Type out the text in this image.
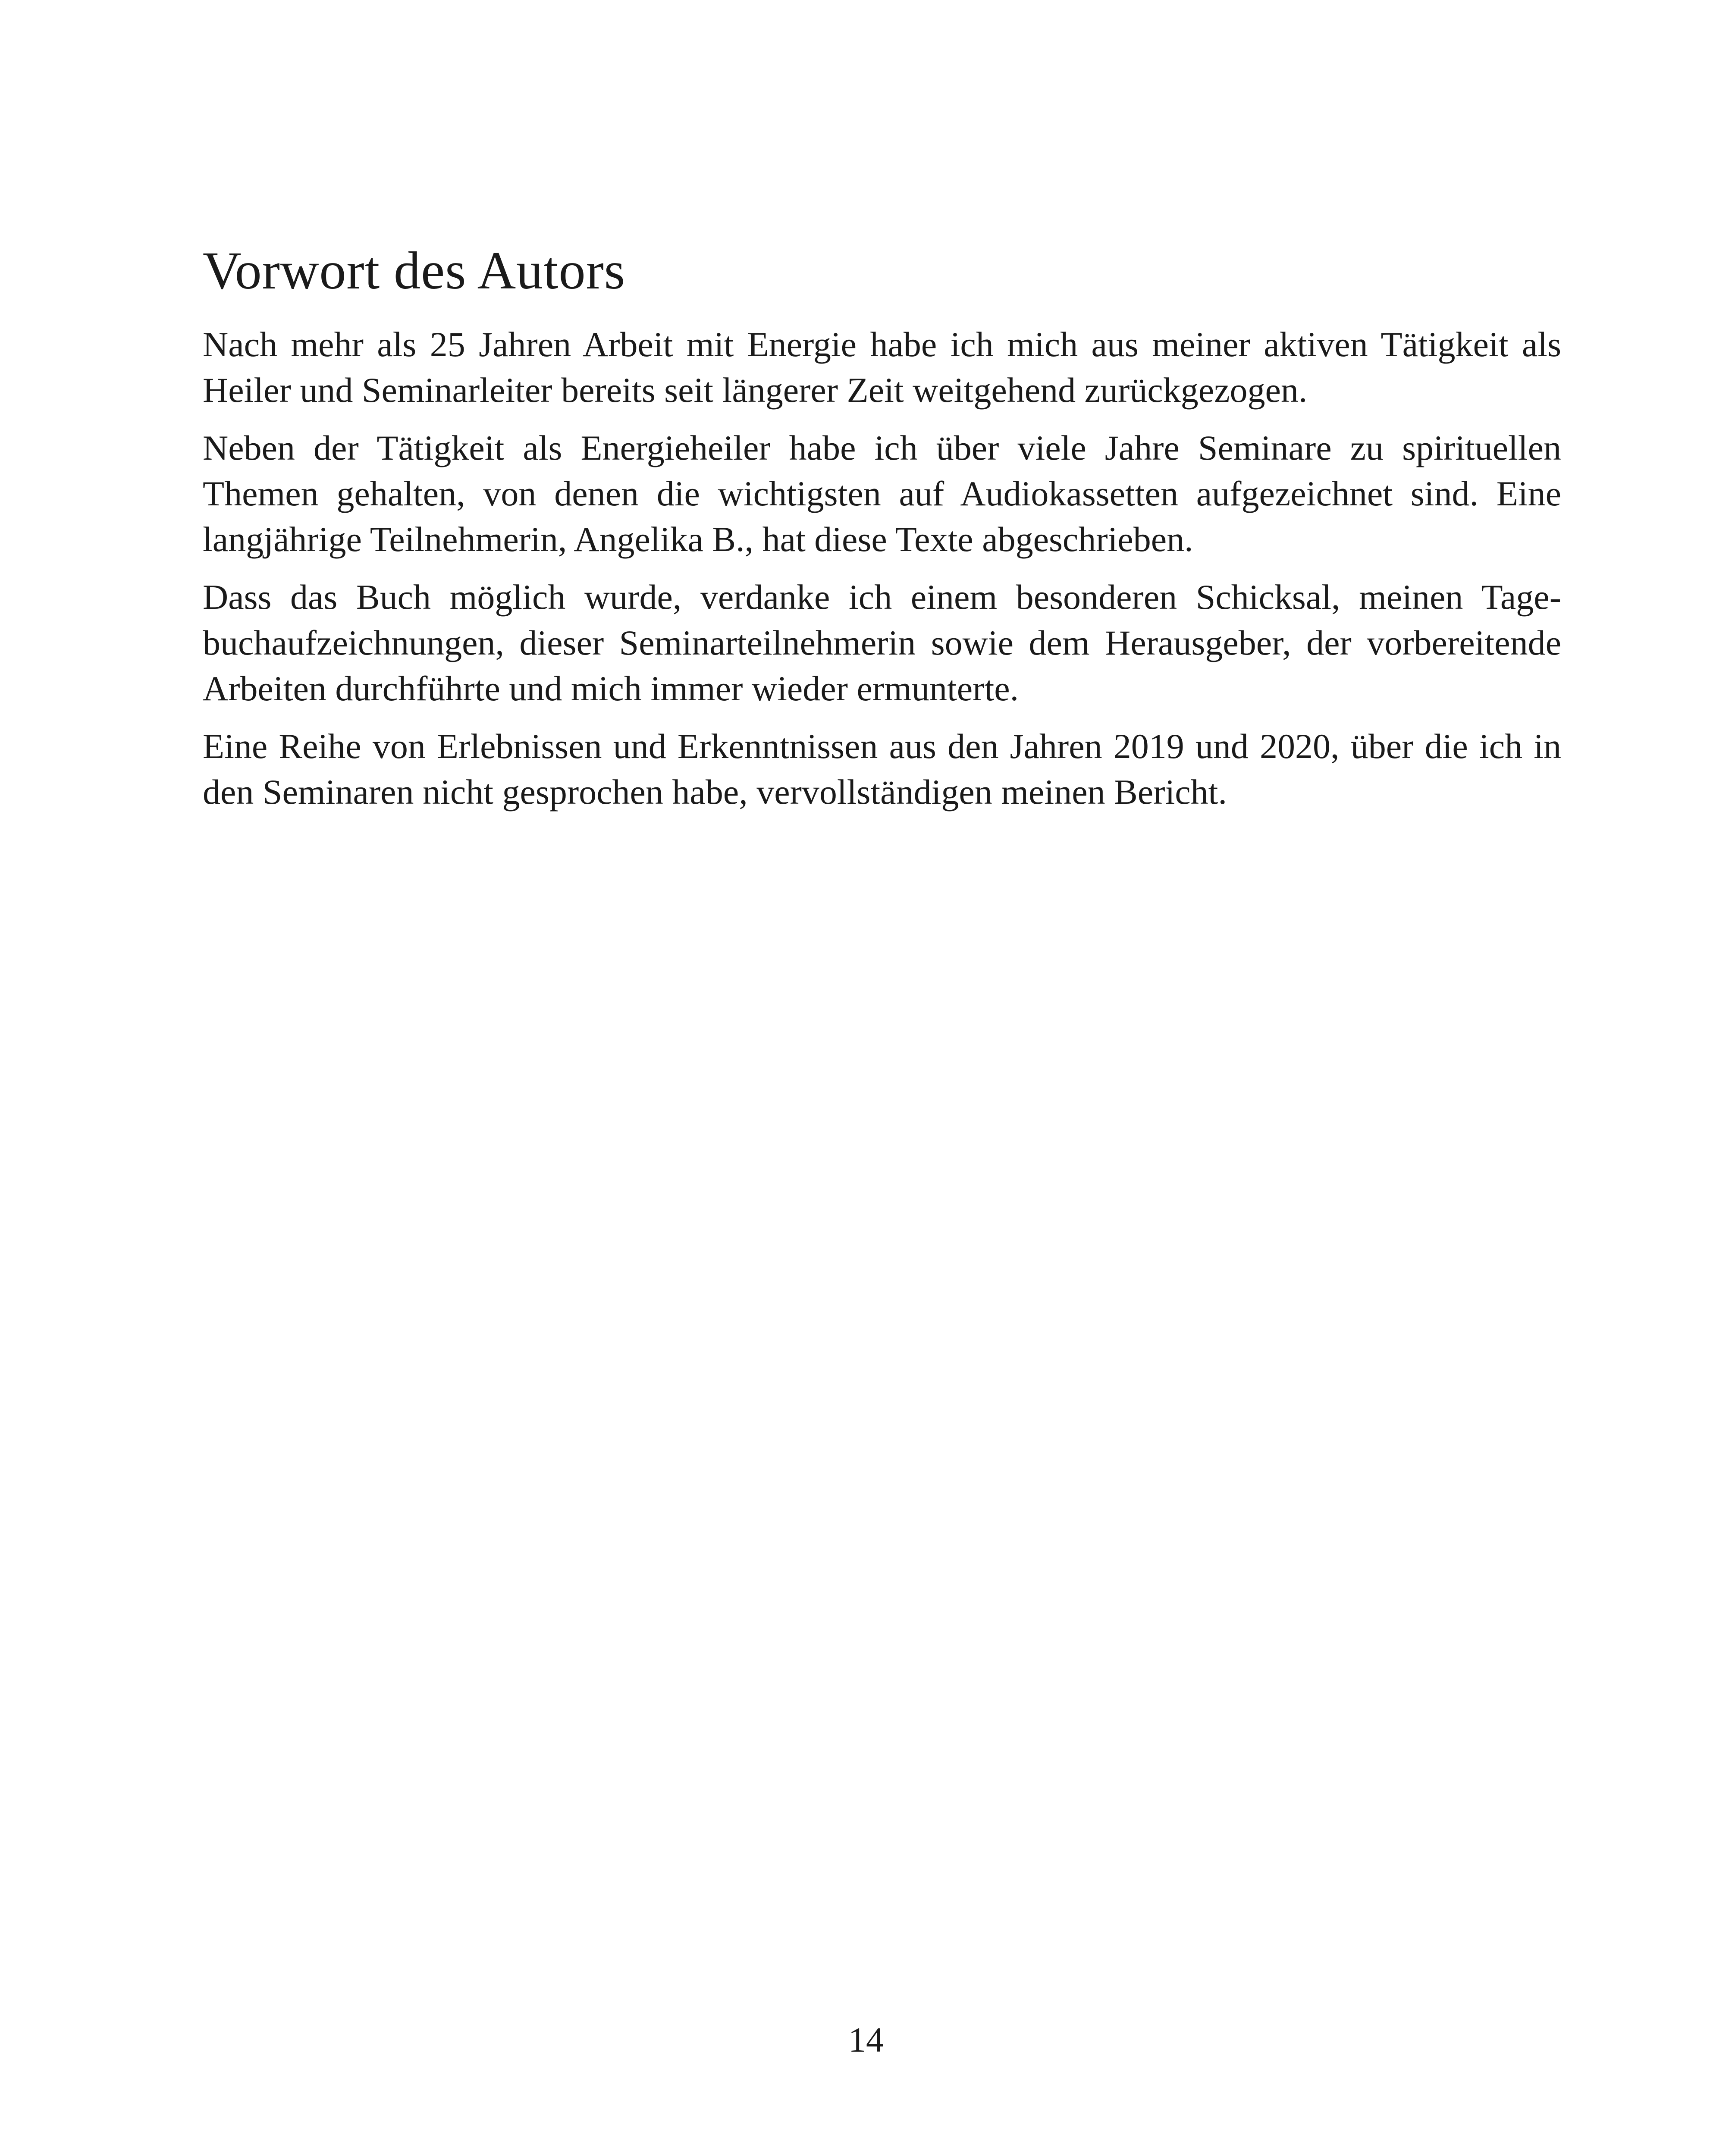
Vorwort des Autors

Nach mehr als 25 Jahren Arbeit mit Energie habe ich mich aus meiner aktiven Tätigkeit als Heiler und Seminarleiter bereits seit längerer Zeit weitgehend zurückgezogen.

Neben der Tätigkeit als Energieheiler habe ich über viele Jahre Seminare zu spirituellen Themen gehalten, von denen die wichtigsten auf Audiokassetten aufgezeichnet sind. Eine langjährige Teilnehmerin, Angelika B., hat diese Texte abgeschrieben.

Dass das Buch möglich wurde, verdanke ich einem besonderen Schicksal, meinen Tagebuchaufzeichnungen, dieser Seminarteilnehmerin sowie dem Herausgeber, der vorbereitende Arbeiten durchführte und mich immer wieder ermunterte.

Eine Reihe von Erlebnissen und Erkenntnissen aus den Jahren 2019 und 2020, über die ich in den Seminaren nicht gesprochen habe, vervollständigen meinen Bericht.

14
